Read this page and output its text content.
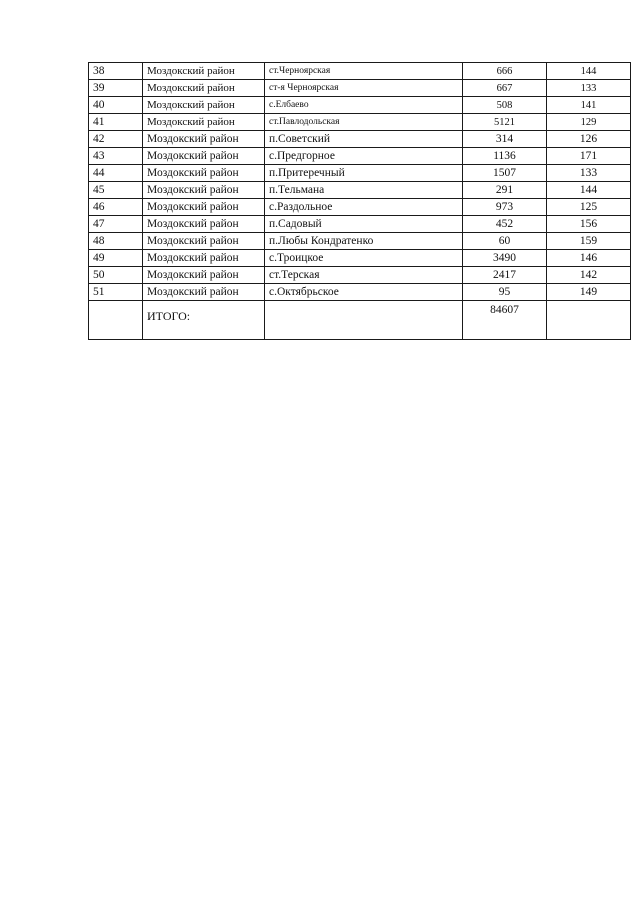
38	Моздокский район	ст.Черноярская	666	144
39	Моздокский район	ст-я Черноярская	667	133
40	Моздокский район	с.Елбаево	508	141
41	Моздокский район	ст.Павлодольская	5121	129
42	Моздокский район	п.Советский	314	126
43	Моздокский район	с.Предгорное	1136	171
44	Моздокский район	п.Притеречный	1507	133
45	Моздокский район	п.Тельмана	291	144
46	Моздокский район	с.Раздольное	973	125
47	Моздокский район	п.Садовый	452	156
48	Моздокский район	п.Любы Кондратенко	60	159
49	Моздокский район	с.Троицкое	3490	146
50	Моздокский район	ст.Терская	2417	142
51	Моздокский район	с.Октябрьское	95	149
	ИТОГО:		84607	
